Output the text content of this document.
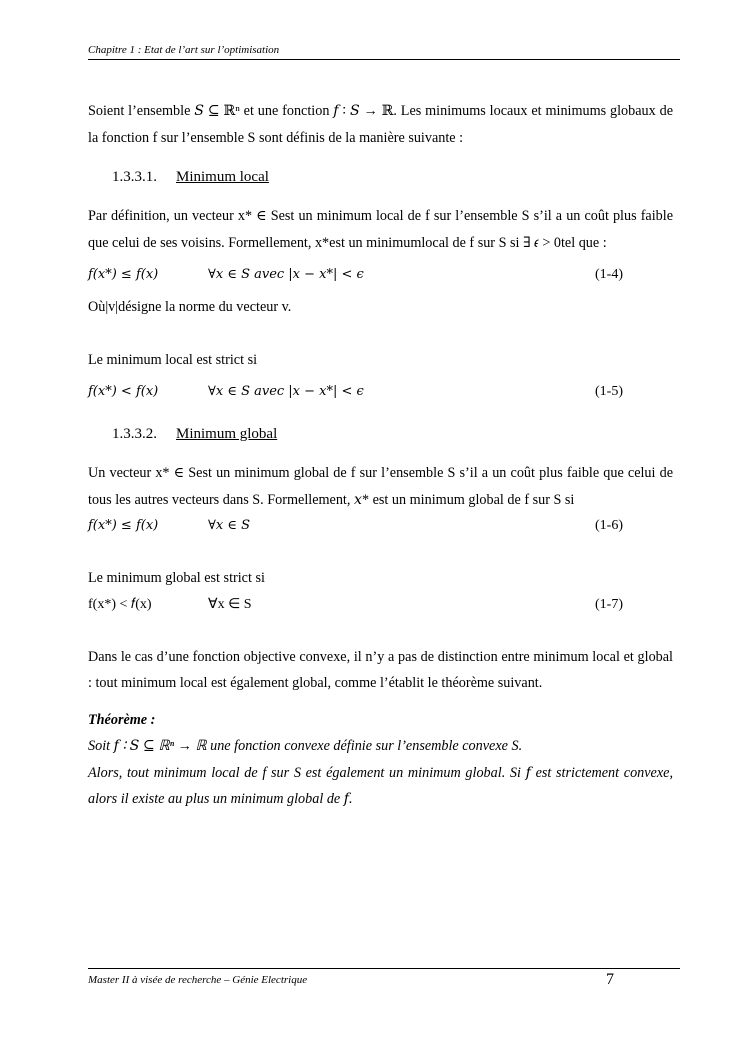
Chapitre 1 : Etat de l’art sur l’optimisation

Soient l’ensemble 𝑆 ⊆ ℝⁿ et une fonction 𝑓 ∶ 𝑆 → ℝ. Les minimums locaux et minimums globaux de la fonction f sur l’ensemble S sont définis de la manière suivante :

1.3.3.1. Minimum local

Par définition, un vecteur x* ∈ Sest un minimum local de f sur l’ensemble S s’il a un coût plus faible que celui de ses voisins. Formellement, x*est un minimumlocal de f sur S si ∃ 𝜖 > 0tel que :

𝑓(𝑥*) ≤ 𝑓(𝑥)	∀𝑥 ∈ 𝑆 𝑎𝑣𝑒𝑐 |𝑥 − 𝑥*| < 𝜖	(1-4)

Où|v|désigne la norme du vecteur v.

Le minimum local est strict si

𝑓(𝑥*) < 𝑓(𝑥)	∀𝑥 ∈ 𝑆 𝑎𝑣𝑒𝑐 |𝑥 − 𝑥*| < 𝜖	(1-5)

1.3.3.2. Minimum global

Un vecteur x* ∈ Sest un minimum global de f sur l’ensemble S s’il a un coût plus faible que celui de tous les autres vecteurs dans S. Formellement, 𝑥* est un minimum global de f sur S si

𝑓(𝑥*) ≤ 𝑓(𝑥)	∀𝑥 ∈ 𝑆	(1-6)

Le minimum global est strict si

f(x*) < 𝑓(x)	∀x ∈ S	(1-7)

Dans le cas d’une fonction objective convexe, il n’y a pas de distinction entre minimum local et global : tout minimum local est également global, comme l’établit le théorème suivant.

Théorème :

Soit 𝑓 ∶ 𝑆 ⊆ ℝⁿ → ℝ une fonction convexe définie sur l’ensemble convexe S.

Alors, tout minimum local de f sur S est également un minimum global. Si 𝑓 est strictement convexe, alors il existe au plus un minimum global de 𝑓.

Master II à visée de recherche – Génie Electrique	7
